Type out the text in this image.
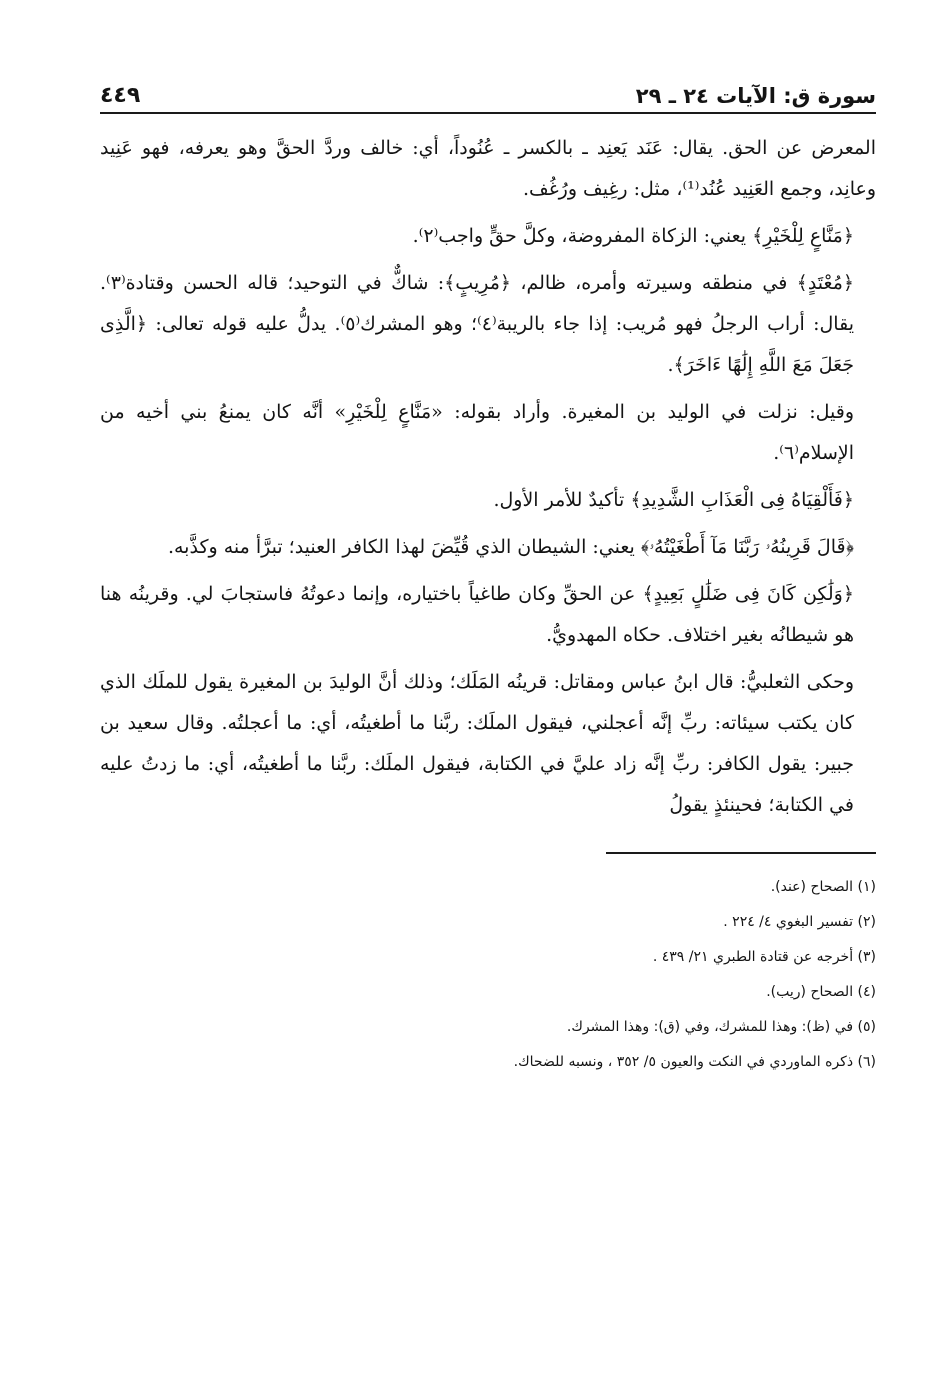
سورة ق: الآيات ٢٤ ـ ٢٩
٤٤٩
المعرض عن الحق. يقال: عَنَد يَعنِد ـ بالكسر ـ عُنُوداً، أي: خالف وردَّ الحقَّ وهو يعرفه، فهو عَنِيد وعانِد، وجمع العَنِيد عُنُد⁽¹⁾، مثل: رغِيف ورُغُف.
﴿مَنَّاعٍ لِلْخَيْرِ﴾ يعني: الزكاة المفروضة، وكلَّ حقٍّ واجب⁽٢⁾.
﴿مُعْتَدٍ﴾ في منطقه وسيرته وأمره، ظالم، ﴿مُرِيبٍ﴾: شاكٌّ في التوحيد؛ قاله الحسن وقتادة⁽٣⁾. يقال: أراب الرجلُ فهو مُريب: إذا جاء بالريبة⁽٤⁾؛ وهو المشرك⁽٥⁾. يدلُّ عليه قوله تعالى: ﴿الَّذِى جَعَلَ مَعَ اللَّهِ إِلَٰهًا ءَاخَرَ﴾.
وقيل: نزلت في الوليد بن المغيرة. وأراد بقوله: «مَنَّاعٍ لِلْخَيْرِ» أنَّه كان يمنعُ بني أخيه من الإسلام⁽٦⁾.
﴿فَأَلْقِيَاهُ فِى الْعَذَابِ الشَّدِيدِ﴾ تأكيدٌ للأمر الأول.
﴿قَالَ قَرِينُهُۥ رَبَّنَا مَآ أَطْغَيْتُهُۥ﴾ يعني: الشيطان الذي قُيِّضَ لهذا الكافر العنيد؛ تبرَّأ منه وكذَّبه.
﴿وَلَٰكِن كَانَ فِى ضَلَٰلٍ بَعِيدٍ﴾ عن الحقِّ وكان طاغياً باختياره، وإنما دعوتُهُ فاستجابَ لي. وقرينُه هنا هو شيطانُه بغير اختلاف. حكاه المهدويُّ.
وحكى الثعلبيُّ: قال ابنُ عباس ومقاتل: قرينُه المَلَك؛ وذلك أنَّ الوليدَ بن المغيرة يقول للملَك الذي كان يكتب سيئاته: ربِّ إنَّه أعجلني، فيقول الملَك: ربَّنا ما أطغيتُه، أي: ما أعجلتُه. وقال سعيد بن جبير: يقول الكافر: ربِّ إنَّه زاد عليَّ في الكتابة، فيقول الملَك: ربَّنا ما أطغيتُه، أي: ما زدتُ عليه في الكتابة؛ فحينئذٍ يقولُ
(١) الصحاح (عند).
(٢) تفسير البغوي ٤/ ٢٢٤ .
(٣) أخرجه عن قتادة الطبري ٢١/ ٤٣٩ .
(٤) الصحاح (ريب).
(٥) في (ظ): وهذا للمشرك، وفي (ق): وهذا المشرك.
(٦) ذكره الماوردي في النكت والعيون ٥/ ٣٥٢ ، ونسبه للضحاك.
